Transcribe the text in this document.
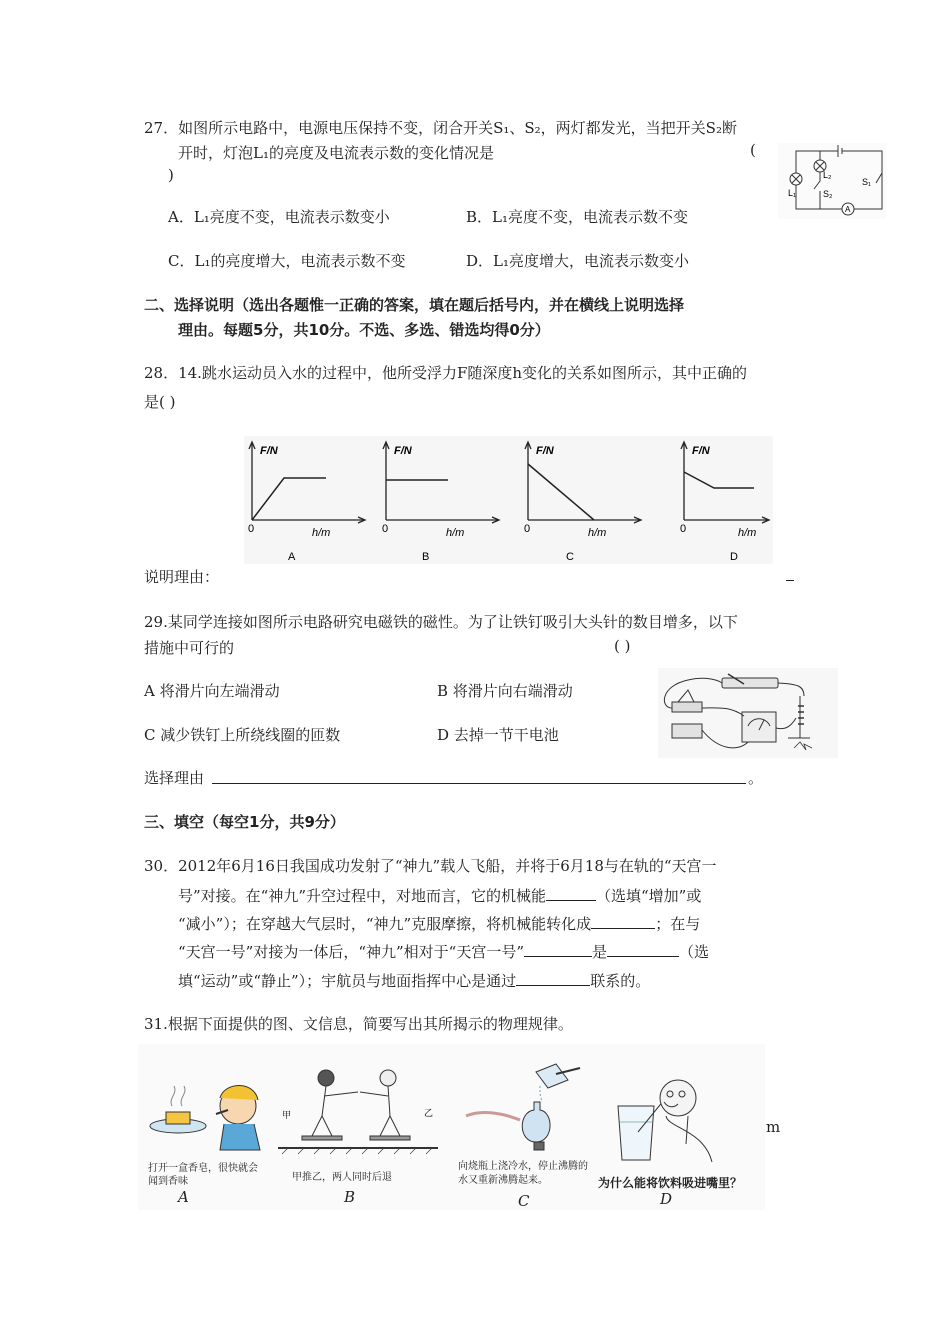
27．如图所示电路中，电源电压保持不变，闭合开关S₁、S₂，两灯都发光，当把开关S₂断
开时，灯泡L₁的亮度及电流表示数的变化情况是	(
)
A．L₁亮度不变，电流表示数变小	B．L₁亮度不变，电流表示数不变
C．L₁的亮度增大，电流表示数不变	D．L₁亮度增大，电流表示数变小
L₁
L₂
S₂
S₁
A
二、选择说明（选出各题惟一正确的答案，填在题后括号内，并在横线上说明选择
理由。每题5分，共10分。不选、多选、错选均得0分）
28．14.跳水运动员入水的过程中，他所受浮力F随深度h变化的关系如图所示，其中正确的
是( )
F/N
0	h/m
A
F/N
0	h/m
B
F/N
0	h/m
C
F/N
0	h/m
D
说明理由：
29.某同学连接如图所示电路研究电磁铁的磁性。为了让铁钉吸引大头针的数目增多，以下
措施中可行的	( )
A 将滑片向左端滑动	B 将滑片向右端滑动
C 减少铁钉上所绕线圈的匝数	D 去掉一节干电池
选择理由	。
三、填空（每空1分，共9分）
30．2012年6月16日我国成功发射了“神九”载人飞船，并将于6月18与在轨的“天宫一
号”对接。在“神九”升空过程中，对地而言，它的机械能	（选填“增加”或
“减小”）；在穿越大气层时，“神九”克服摩擦，将机械能转化成	；在与
“天宫一号”对接为一体后，“神九”相对于“天宫一号”	是	（选
填“运动”或“静止”）；宇航员与地面指挥中心是通过	联系的。
31.根据下面提供的图、文信息，简要写出其所揭示的物理规律。
打开一盒香皂，很快就会闻到香味
A
甲	乙
甲推乙，两人同时后退
B
向烧瓶上浇冷水，停止沸腾的水又重新沸腾起来。
C
为什么能将饮料吸进嘴里？
D
m
